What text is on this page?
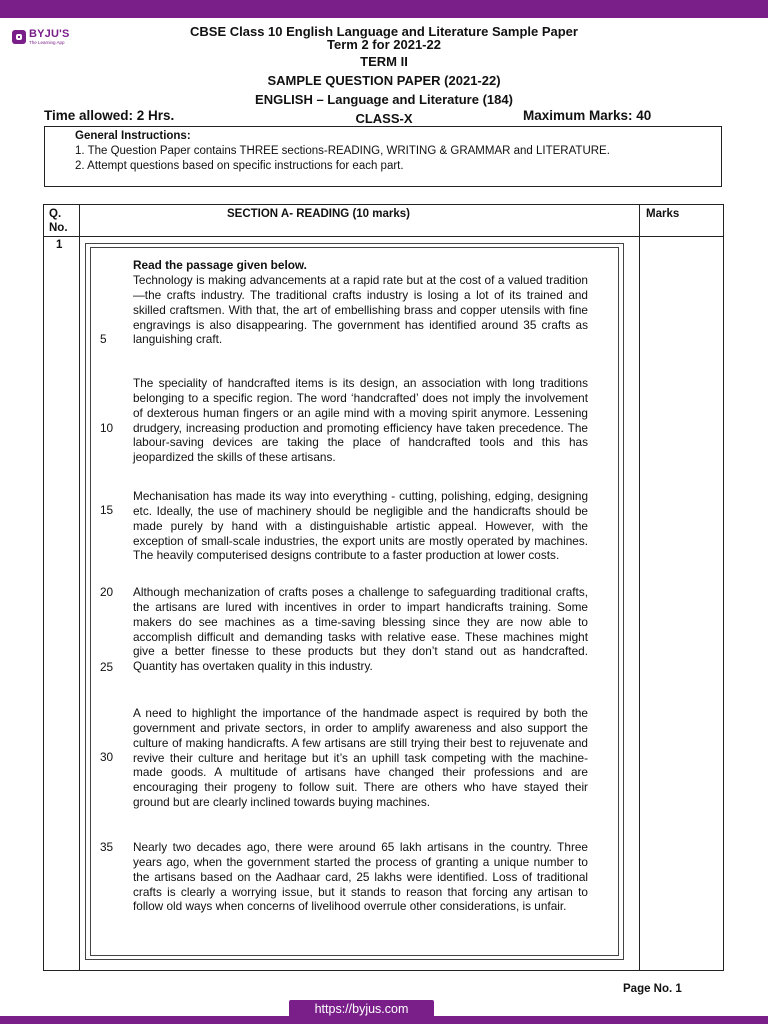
BYJU'S
The Learning App
CBSE Class 10 English Language and Literature Sample Paper
Term 2 for 2021-22
TERM II
SAMPLE QUESTION PAPER (2021-22)
ENGLISH – Language and Literature (184)
Time allowed: 2 Hrs.	CLASS-X	Maximum Marks: 40
General Instructions:
1. The Question Paper contains THREE sections-READING, WRITING & GRAMMAR and LITERATURE.
2. Attempt questions based on specific instructions for each part.
Q.
No.
SECTION A- READING (10 marks)	Marks
1
Read the passage given below.
Technology is making advancements at a rapid rate but at the cost of a valued tradition—the crafts industry. The traditional crafts industry is losing a lot of its trained and skilled craftsmen. With that, the art of embellishing brass and copper utensils with fine engravings is also disappearing. The government has identified around 35 crafts as languishing craft.
The speciality of handcrafted items is its design, an association with long traditions belonging to a specific region. The word ‘handcrafted’ does not imply the involvement of dexterous human fingers or an agile mind with a moving spirit anymore. Lessening drudgery, increasing production and promoting efficiency have taken precedence. The labour-saving devices are taking the place of handcrafted tools and this has jeopardized the skills of these artisans.
Mechanisation has made its way into everything - cutting, polishing, edging, designing etc. Ideally, the use of machinery should be negligible and the handicrafts should be made purely by hand with a distinguishable artistic appeal. However, with the exception of small-scale industries, the export units are mostly operated by machines. The heavily computerised designs contribute to a faster production at lower costs.
Although mechanization of crafts poses a challenge to safeguarding traditional crafts, the artisans are lured with incentives in order to impart handicrafts training. Some makers do see machines as a time-saving blessing since they are now able to accomplish difficult and demanding tasks with relative ease. These machines might give a better finesse to these products but they don’t stand out as handcrafted. Quantity has overtaken quality in this industry.
A need to highlight the importance of the handmade aspect is required by both the government and private sectors, in order to amplify awareness and also support the culture of making handicrafts. A few artisans are still trying their best to rejuvenate and revive their culture and heritage but it’s an uphill task competing with the machine-made goods. A multitude of artisans have changed their professions and are encouraging their progeny to follow suit. There are others who have stayed their ground but are clearly inclined towards buying machines.
Nearly two decades ago, there were around 65 lakh artisans in the country. Three years ago, when the government started the process of granting a unique number to the artisans based on the Aadhaar card, 25 lakhs were identified. Loss of traditional crafts is clearly a worrying issue, but it stands to reason that forcing any artisan to follow old ways when concerns of livelihood overrule other considerations, is unfair.
5
10
15
20
25
30
35
Page No. 1
https://byjus.com
